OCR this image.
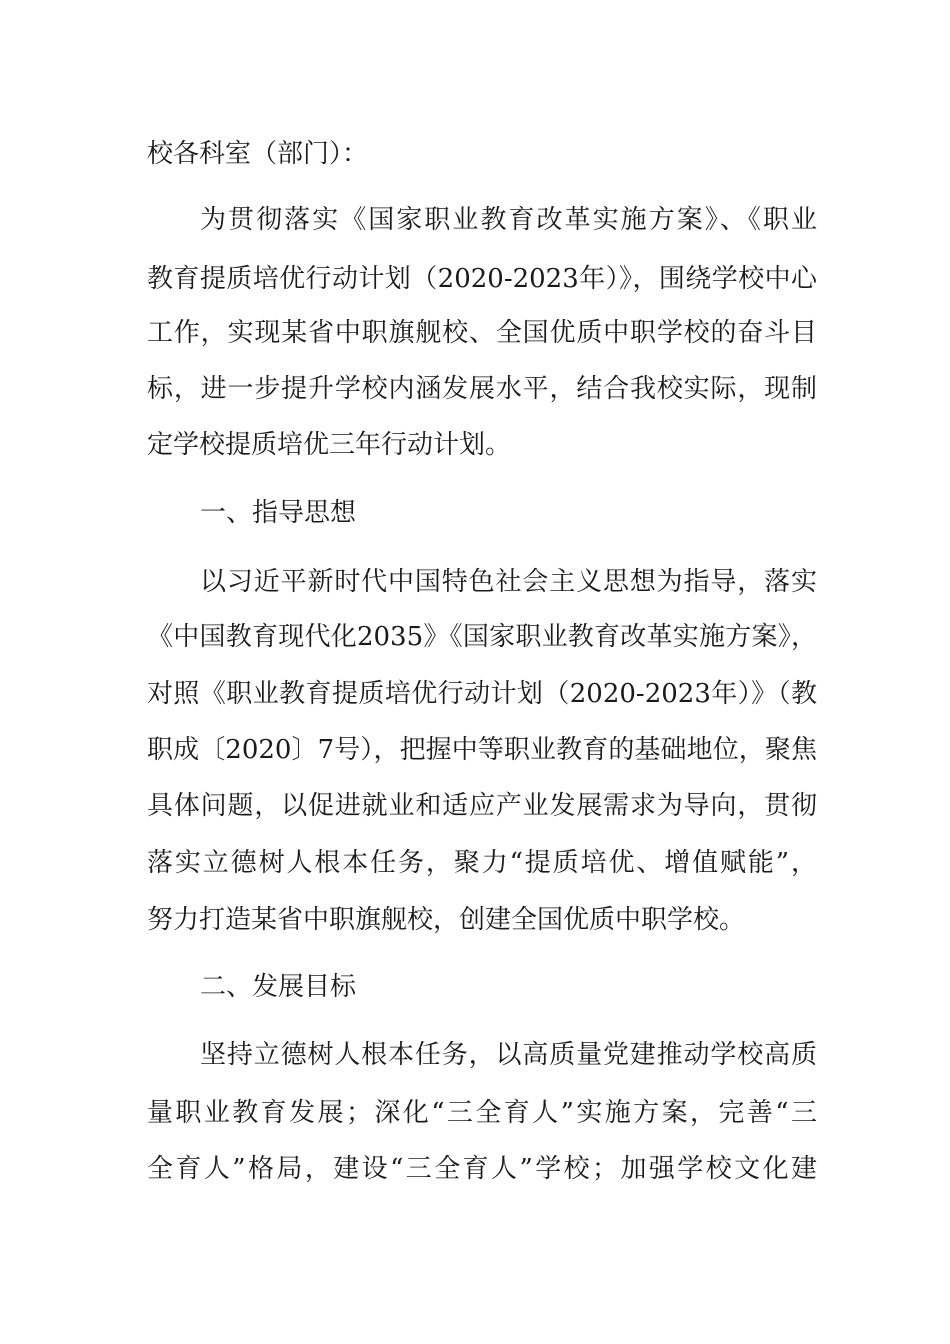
校各科室（部门）：
为贯彻落实《国家职业教育改革实施方案》、《职业
教育提质培优行动计划（2020-2023年）》，围绕学校中心
工作，实现某省中职旗舰校、全国优质中职学校的奋斗目
标，进一步提升学校内涵发展水平，结合我校实际，现制
定学校提质培优三年行动计划。
一、指导思想
以习近平新时代中国特色社会主义思想为指导，落实
《中国教育现代化2035》《国家职业教育改革实施方案》，
对照《职业教育提质培优行动计划（2020-2023年）》（教
职成〔2020〕7号），把握中等职业教育的基础地位，聚焦
具体问题，以促进就业和适应产业发展需求为导向，贯彻
落实立德树人根本任务，聚力“提质培优、增值赋能”，
努力打造某省中职旗舰校，创建全国优质中职学校。
二、发展目标
坚持立德树人根本任务，以高质量党建推动学校高质
量职业教育发展；深化“三全育人”实施方案，完善“三
全育人”格局，建设“三全育人”学校；加强学校文化建
